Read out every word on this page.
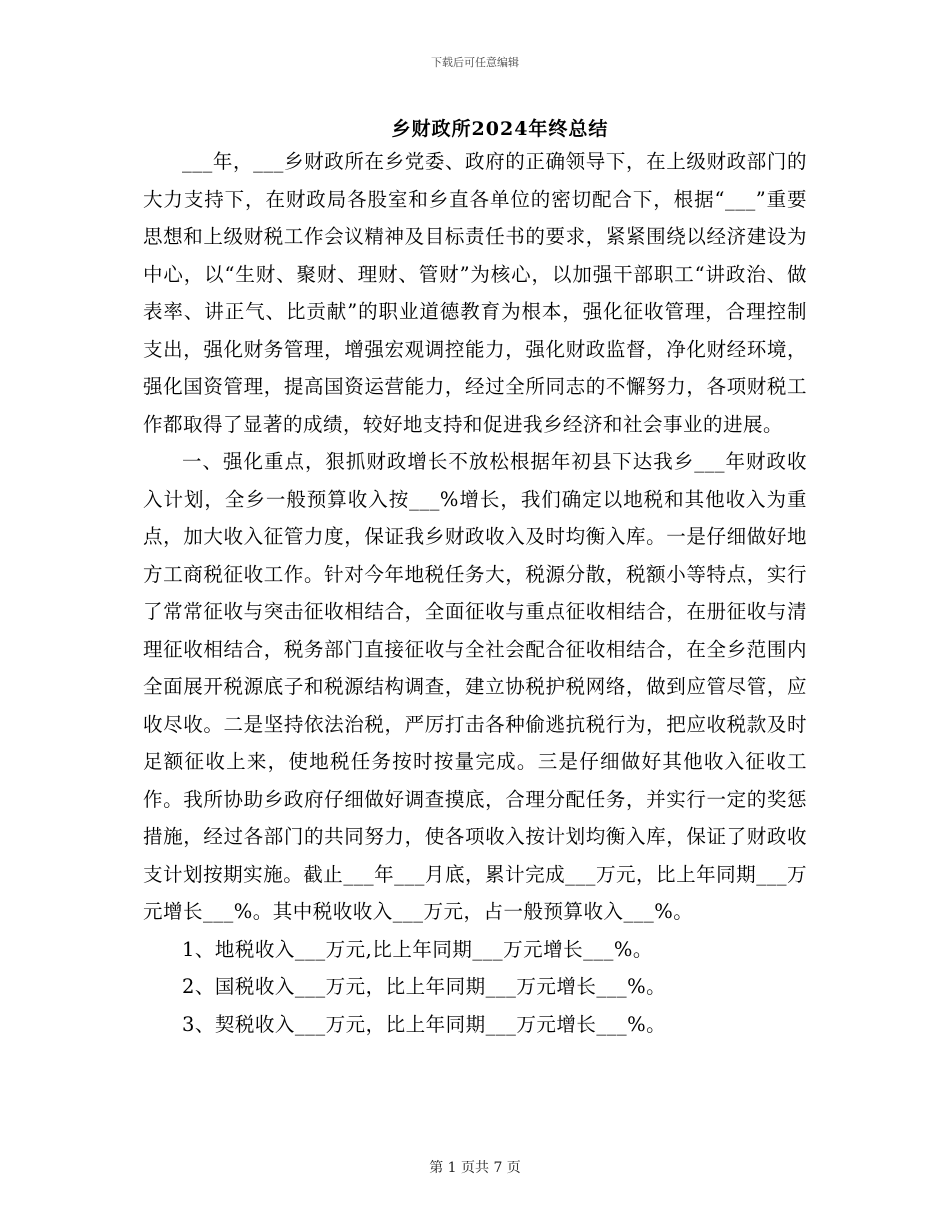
下载后可任意编辑
乡财政所2024年终总结

___年，___乡财政所在乡党委、政府的正确领导下，在上级财政部门的大力支持下，在财政局各股室和乡直各单位的密切配合下，根据“___”重要思想和上级财税工作会议精神及目标责任书的要求，紧紧围绕以经济建设为中心，以“生财、聚财、理财、管财”为核心，以加强干部职工“讲政治、做表率、讲正气、比贡献”的职业道德教育为根本，强化征收管理，合理控制支出，强化财务管理，增强宏观调控能力，强化财政监督，净化财经环境，强化国资管理，提高国资运营能力，经过全所同志的不懈努力，各项财税工作都取得了显著的成绩，较好地支持和促进我乡经济和社会事业的进展。

一、强化重点，狠抓财政增长不放松根据年初县下达我乡___年财政收入计划，全乡一般预算收入按___%增长，我们确定以地税和其他收入为重点，加大收入征管力度，保证我乡财政收入及时均衡入库。一是仔细做好地方工商税征收工作。针对今年地税任务大，税源分散，税额小等特点，实行了常常征收与突击征收相结合，全面征收与重点征收相结合，在册征收与清理征收相结合，税务部门直接征收与全社会配合征收相结合，在全乡范围内全面展开税源底子和税源结构调查，建立协税护税网络，做到应管尽管，应收尽收。二是坚持依法治税，严厉打击各种偷逃抗税行为，把应收税款及时足额征收上来，使地税任务按时按量完成。三是仔细做好其他收入征收工作。我所协助乡政府仔细做好调查摸底，合理分配任务，并实行一定的奖惩措施，经过各部门的共同努力，使各项收入按计划均衡入库，保证了财政收支计划按期实施。截止___年___月底，累计完成___万元，比上年同期___万元增长___%。其中税收收入___万元，占一般预算收入___%。

1、地税收入___万元,比上年同期___万元增长___%。

2、国税收入___万元，比上年同期___万元增长___%。

3、契税收入___万元，比上年同期___万元增长___%。

第 1 页共 7 页
